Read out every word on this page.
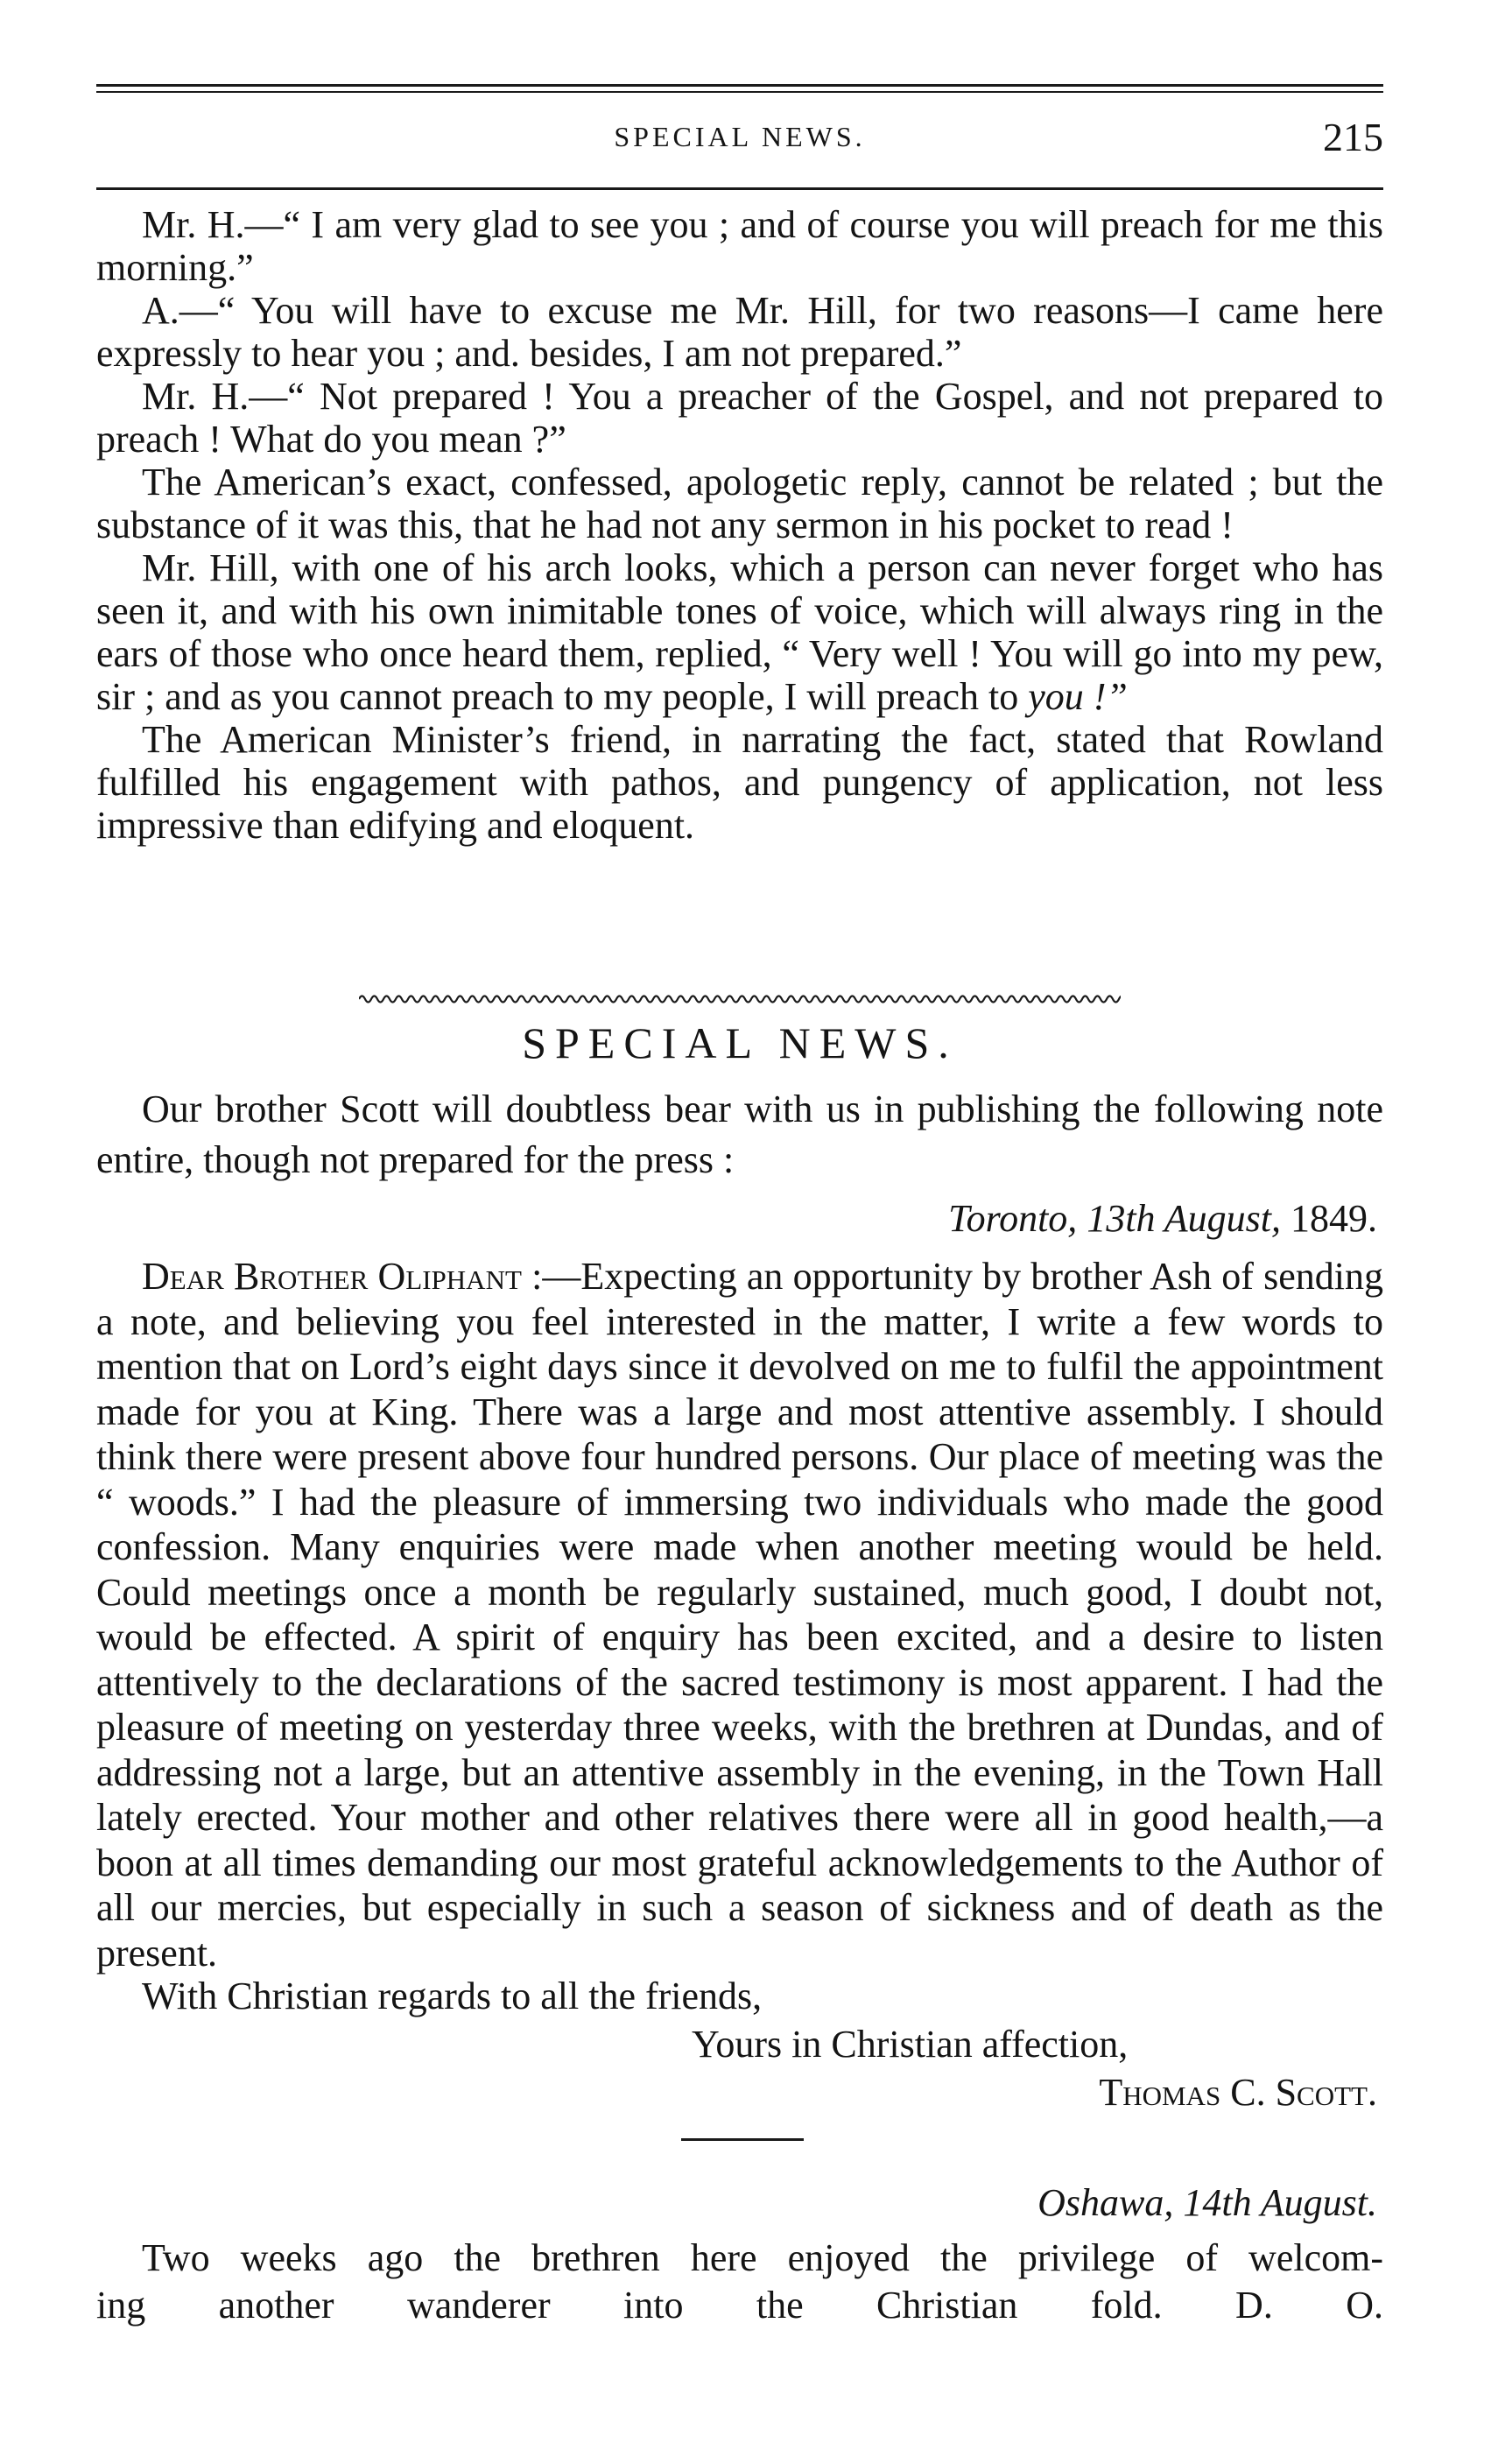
SPECIAL NEWS.	215

Mr. H.—“ I am very glad to see you ; and of course you will preach for me this morning.”

A.—“ You will have to excuse me Mr. Hill, for two reasons—I came here expressly to hear you ; and. besides, I am not prepared.”

Mr. H.—“ Not prepared ! You a preacher of the Gospel, and not prepared to preach ! What do you mean ?”

The American’s exact, confessed, apologetic reply, cannot be related ; but the substance of it was this, that he had not any sermon in his pocket to read !

Mr. Hill, with one of his arch looks, which a person can never forget who has seen it, and with his own inimitable tones of voice, which will always ring in the ears of those who once heard them, replied, “ Very well ! You will go into my pew, sir ; and as you cannot preach to my people, I will preach to you !”

The American Minister’s friend, in narrating the fact, stated that Rowland fulfilled his engagement with pathos, and pungency of application, not less impressive than edifying and eloquent.

SPECIAL NEWS.

Our brother Scott will doubtless bear with us in publishing the following note entire, though not prepared for the press :

Toronto, 13th August, 1849.

Dear Brother Oliphant :—Expecting an opportunity by brother Ash of sending a note, and believing you feel interested in the matter, I write a few words to mention that on Lord’s eight days since it devolved on me to fulfil the appointment made for you at King. There was a large and most attentive assembly. I should think there were present above four hundred persons. Our place of meeting was the “ woods.” I had the pleasure of immersing two individuals who made the good confession. Many enquiries were made when another meeting would be held. Could meetings once a month be regularly sustained, much good, I doubt not, would be effected. A spirit of enquiry has been excited, and a desire to listen attentively to the declarations of the sacred testimony is most apparent. I had the pleasure of meeting on yesterday three weeks, with the brethren at Dundas, and of addressing not a large, but an attentive assembly in the evening, in the Town Hall lately erected. Your mother and other relatives there were all in good health,—a boon at all times demanding our most grateful acknowledgements to the Author of all our mercies, but especially in such a season of sickness and of death as the present.

With Christian regards to all the friends,
Yours in Christian affection,
Thomas C. Scott.
Oshawa, 14th August.
Two weeks ago the brethren here enjoyed the privilege of welcom-
ing another wanderer into the Christian fold. D. O.
